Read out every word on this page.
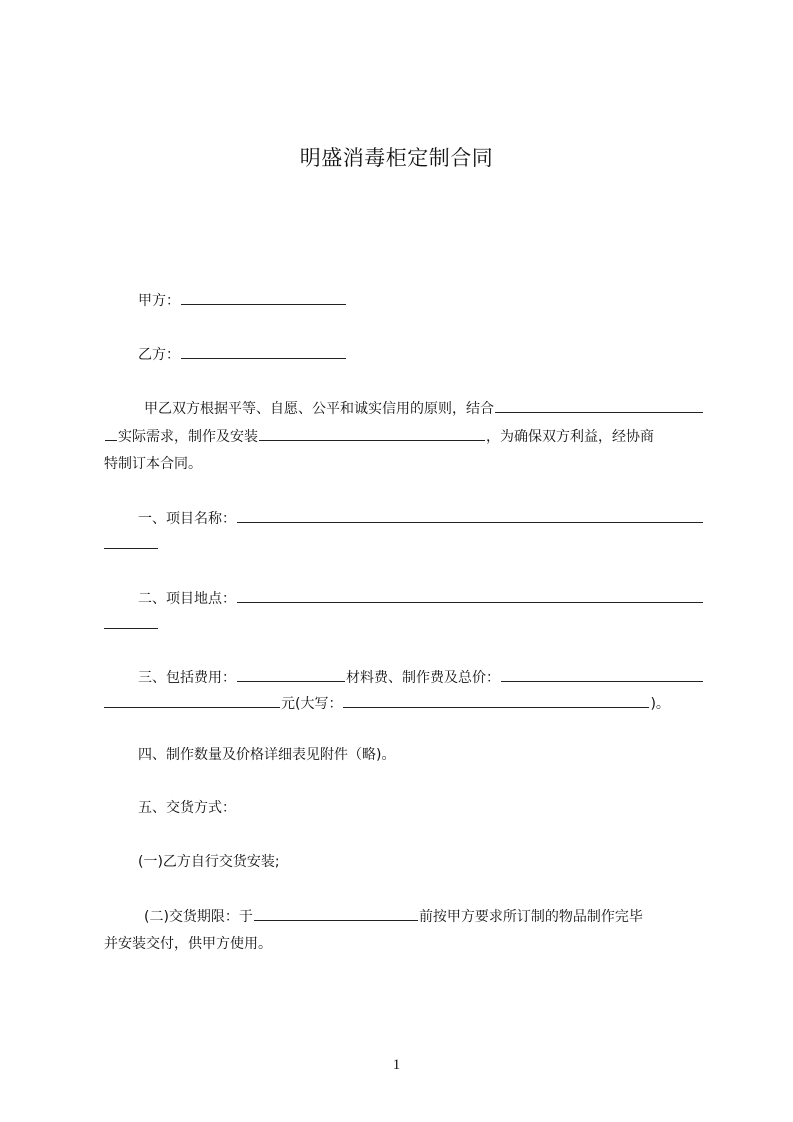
明盛消毒柜定制合同
甲方：
乙方：
甲乙双方根据平等、自愿、公平和诚实信用的原则，结合
实际需求，制作及安装	，为确保双方利益，经协商
特制订本合同。
一、项目名称：
二、项目地点：
三、包括费用：	材料费、制作费及总价：
元(大写：	)。
四、制作数量及价格详细表见附件（略)。
五、交货方式：
(一)乙方自行交货安装;
(二)交货期限：于	前按甲方要求所订制的物品制作完毕
并安装交付，供甲方使用。
1
